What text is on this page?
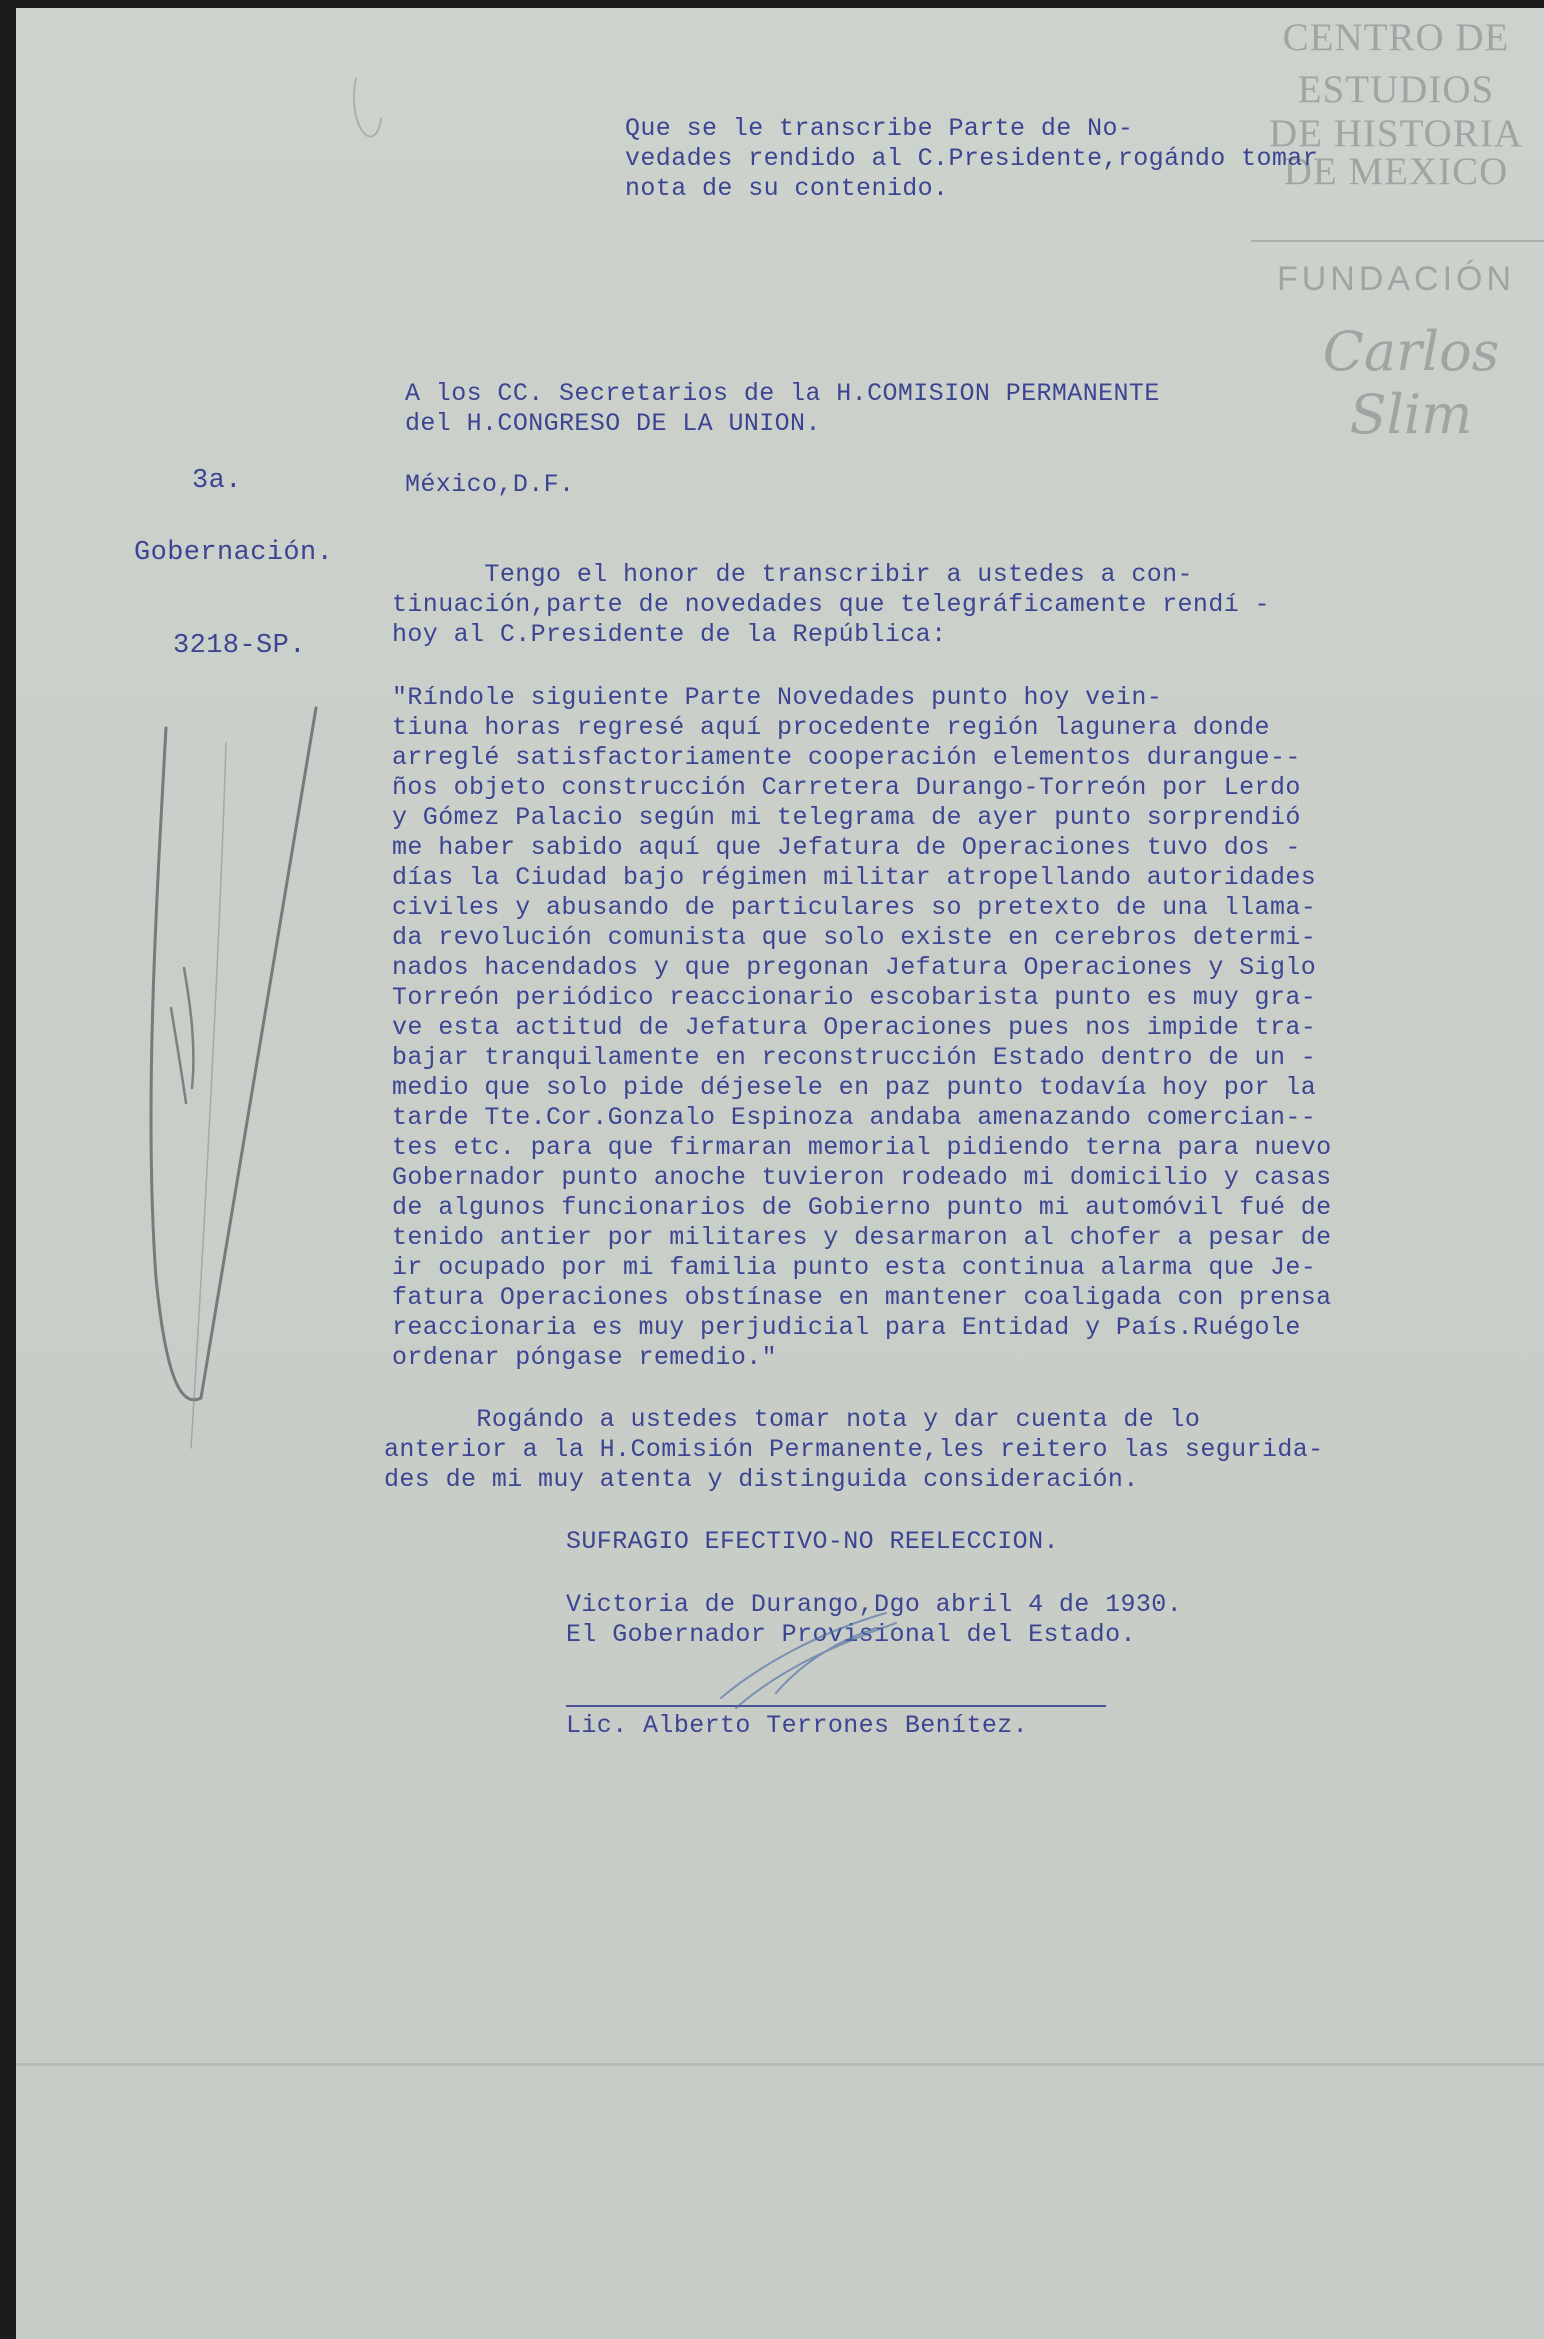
CENTRO DE
ESTUDIOS
DE HISTORIA
DE MEXICO
FUNDACIÓN
Carlos Slim
Que se le transcribe Parte de No-
vedades rendido al C.Presidente,rogándo tomar
nota de su contenido.
A los CC. Secretarios de la H.COMISION PERMANENTE
del H.CONGRESO DE LA UNION.
3a.	México,D.F.
Gobernación.
3218-SP.
Tengo el honor de transcribir a ustedes a con-
tinuación,parte de novedades que telegráficamente rendí -
hoy al C.Presidente de la República:
"Ríndole siguiente Parte Novedades punto hoy vein-
tiuna horas regresé aquí procedente región lagunera donde
arreglé satisfactoriamente cooperación elementos durangue--
ños objeto construcción Carretera Durango-Torreón por Lerdo
y Gómez Palacio según mi telegrama de ayer punto sorprendió
me haber sabido aquí que Jefatura de Operaciones tuvo dos -
días la Ciudad bajo régimen militar atropellando autoridades
civiles y abusando de particulares so pretexto de una llama-
da revolución comunista que solo existe en cerebros determi-
nados hacendados y que pregonan Jefatura Operaciones y Siglo
Torreón periódico reaccionario escobarista punto es muy gra-
ve esta actitud de Jefatura Operaciones pues nos impide tra-
bajar tranquilamente en reconstrucción Estado dentro de un -
medio que solo pide déjesele en paz punto todavía hoy por la
tarde Tte.Cor.Gonzalo Espinoza andaba amenazando comercian--
tes etc. para que firmaran memorial pidiendo terna para nuevo
Gobernador punto anoche tuvieron rodeado mi domicilio y casas
de algunos funcionarios de Gobierno punto mi automóvil fué de
tenido antier por militares y desarmaron al chofer a pesar de
ir ocupado por mi familia punto esta continua alarma que Je-
fatura Operaciones obstínase en mantener coaligada con prensa
reaccionaria es muy perjudicial para Entidad y País.Ruégole
ordenar póngase remedio."
Rogándo a ustedes tomar nota y dar cuenta de lo
anterior a la H.Comisión Permanente,les reitero las segurida-
des de mi muy atenta y distinguida consideración.
SUFRAGIO EFECTIVO-NO REELECCION.
Victoria de Durango,Dgo abril 4 de 1930.
El Gobernador Provisional del Estado.
Lic. Alberto Terrones Benítez.
